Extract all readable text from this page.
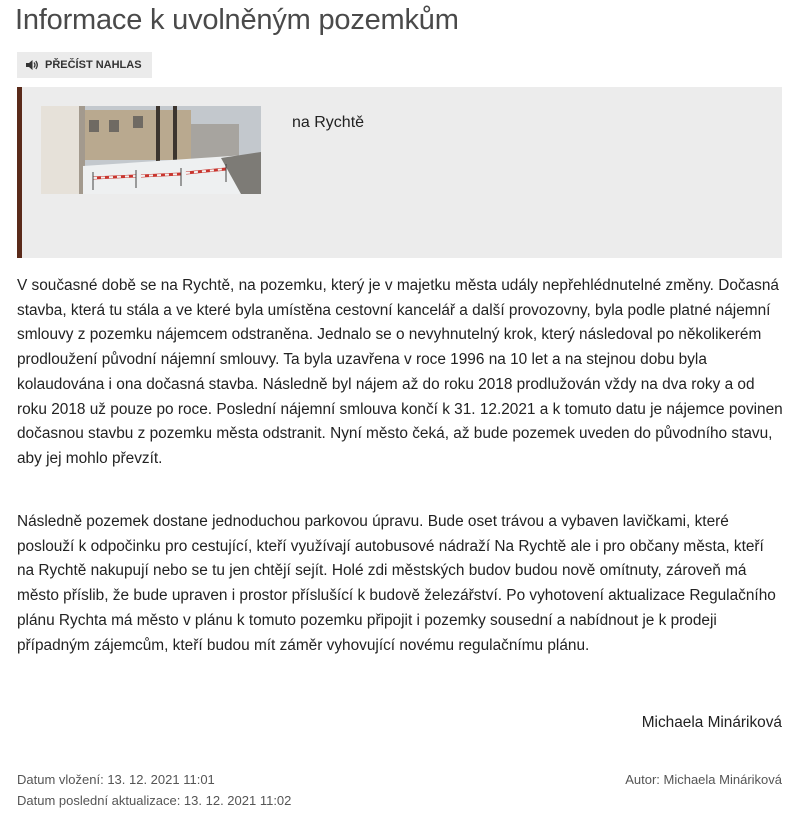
Informace k uvolněným pozemkům
PŘEČÍST NAHLAS
na Rychtě

V současné době se na Rychtě, na pozemku, který je v majetku města udály nepřehlédnutelné změny. Dočasná stavba, která tu stála a ve které byla umístěna cestovní kancelář a další provozovny, byla podle platné nájemní smlouvy z pozemku nájemcem odstraněna. Jednalo se o nevyhnutelný krok, který následoval po několikerém prodloužení původní nájemní smlouvy. Ta byla uzavřena v roce 1996 na 10 let a na stejnou dobu byla kolaudována i ona dočasná stavba. Následně byl nájem až do roku 2018 prodlužován vždy na dva roky a od roku 2018 už pouze po roce. Poslední nájemní smlouva končí k 31. 12.2021 a k tomuto datu je nájemce povinen dočasnou stavbu z pozemku města odstranit. Nyní město čeká, až bude pozemek uveden do původního stavu, aby jej mohlo převzít.

Následně pozemek dostane jednoduchou parkovou úpravu. Bude oset trávou a vybaven lavičkami, které poslouží k odpočinku pro cestující, kteří využívají autobusové nádraží Na Rychtě ale i pro občany města, kteří na Rychtě nakupují nebo se tu jen chtějí sejít. Holé zdi městských budov budou nově omítnuty, zároveň má město příslib, že bude upraven i prostor příslušící k budově železářství. Po vyhotovení aktualizace Regulačního plánu Rychta má město v plánu k tomuto pozemku připojit i pozemky sousední a nabídnout je k prodeji případným zájemcům, kteří budou mít záměr vyhovující novému regulačnímu plánu.

Michaela Mináriková
Datum vložení: 13. 12. 2021 11:01
Datum poslední aktualizace: 13. 12. 2021 11:02
Autor: Michaela Mináriková
